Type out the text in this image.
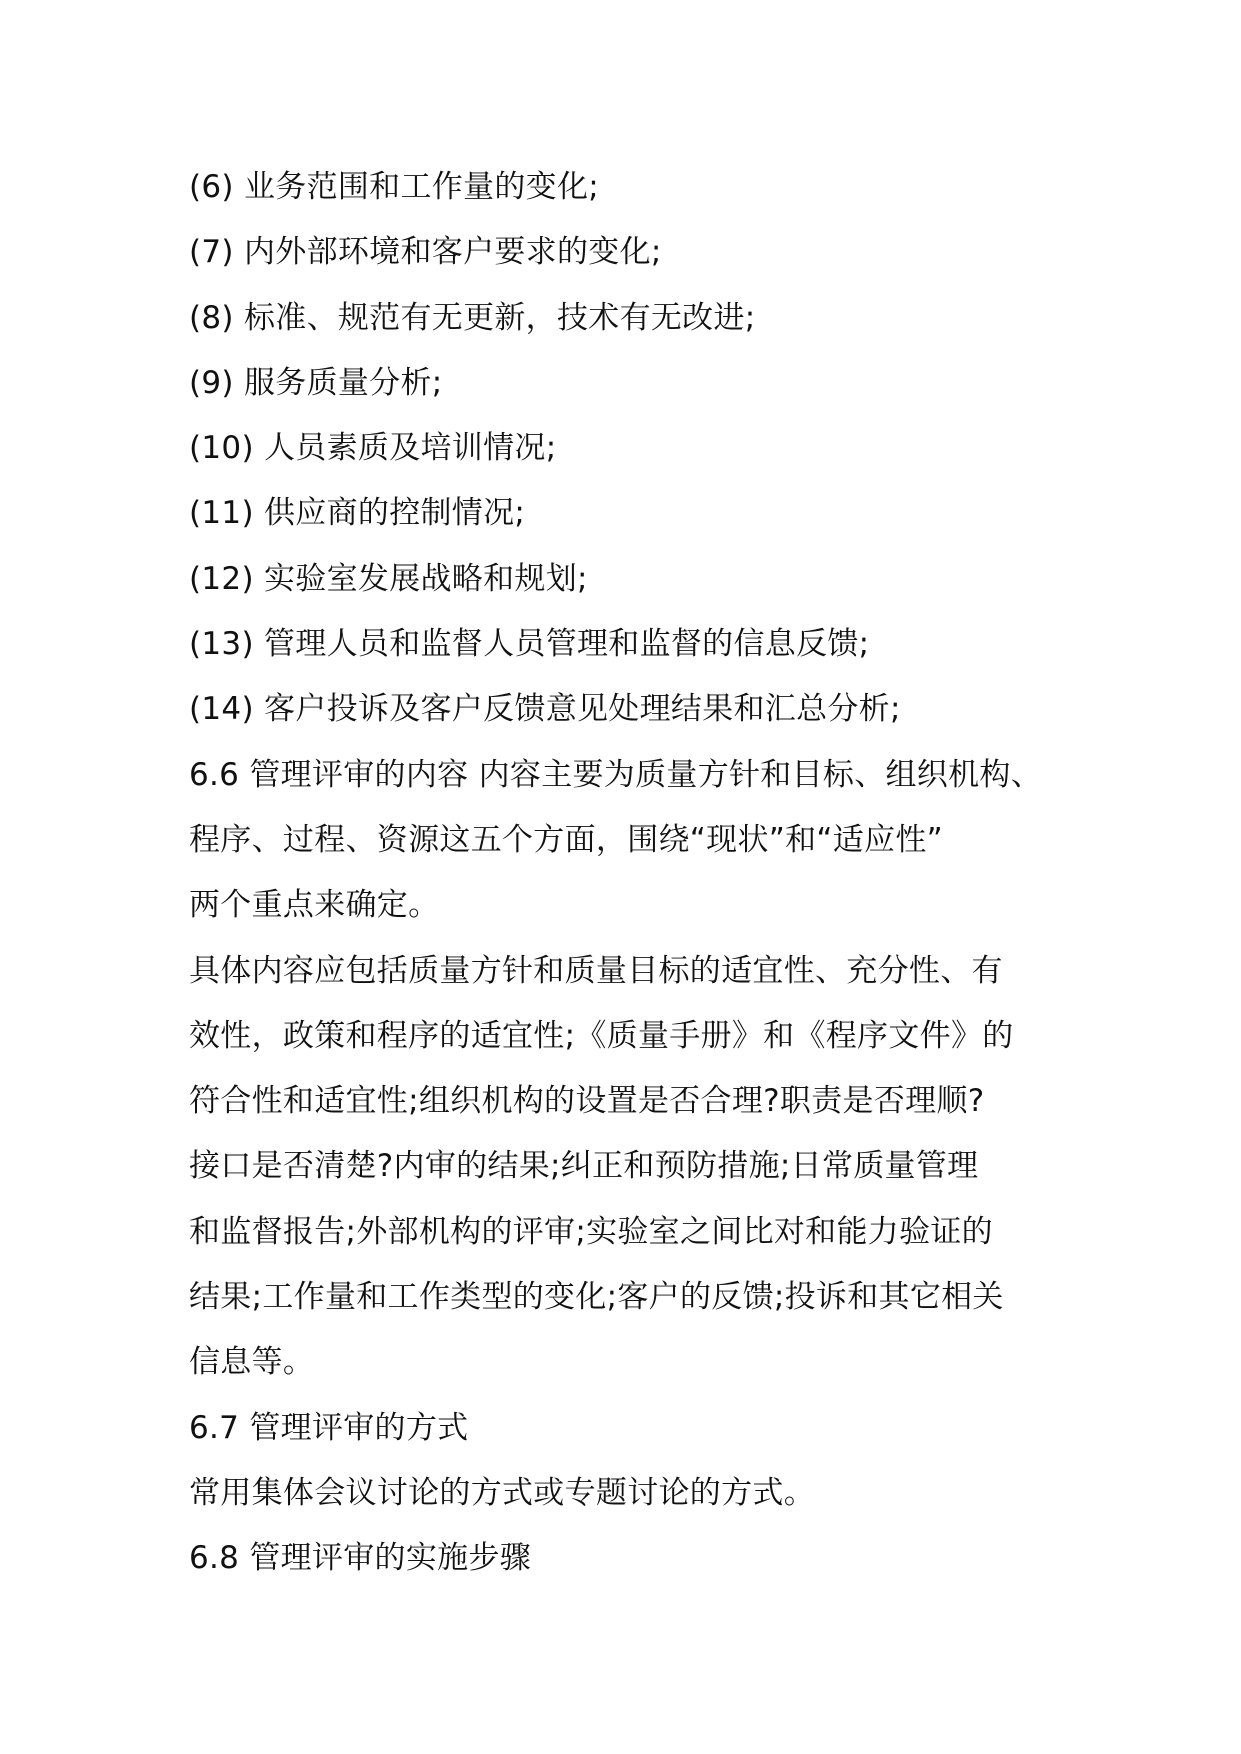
(6) 业务范围和工作量的变化;
(7) 内外部环境和客户要求的变化;
(8) 标准、规范有无更新，技术有无改进;
(9) 服务质量分析;
(10) 人员素质及培训情况;
(11) 供应商的控制情况;
(12) 实验室发展战略和规划;
(13) 管理人员和监督人员管理和监督的信息反馈;
(14) 客户投诉及客户反馈意见处理结果和汇总分析;
6.6 管理评审的内容 内容主要为质量方针和目标、组织机构、
程序、过程、资源这五个方面，围绕“现状”和“适应性”
两个重点来确定。
具体内容应包括质量方针和质量目标的适宜性、充分性、有
效性，政策和程序的适宜性;《质量手册》和《程序文件》的
符合性和适宜性;组织机构的设置是否合理?职责是否理顺?
接口是否清楚?内审的结果;纠正和预防措施;日常质量管理
和监督报告;外部机构的评审;实验室之间比对和能力验证的
结果;工作量和工作类型的变化;客户的反馈;投诉和其它相关
信息等。
6.7 管理评审的方式
常用集体会议讨论的方式或专题讨论的方式。
6.8 管理评审的实施步骤
